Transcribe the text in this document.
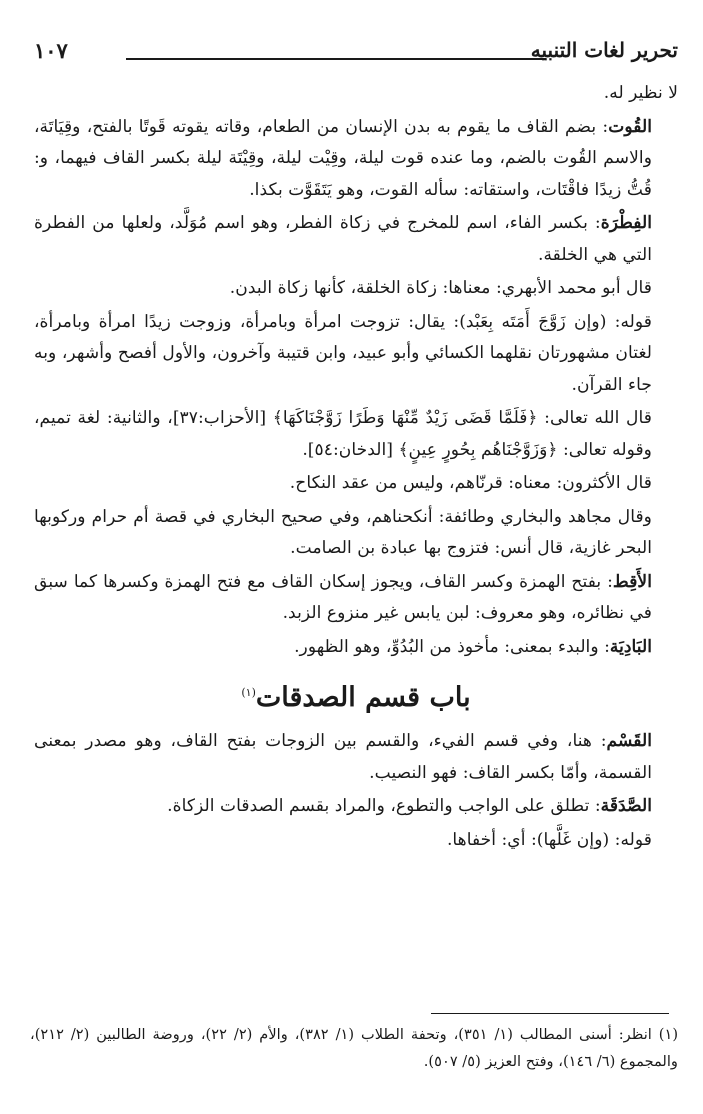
تحرير لغات التنبيه
١٠٧

لا نظير له.

القُوت: بضم القاف ما يقوم به بدن الإنسان من الطعام، وقاته يقوته قَوتًا بالفتح، وقِيَاتَة، والاسم القُوت بالضم، وما عنده قوت ليلة، وقِيْت ليلة، وقِيْتَة ليلة بكسر القاف فيهما، و: قُتُّ زيدًا فاقْتَات، واستقاته: سأله القوت، وهو يَتَقَوَّت بكذا.

الفِطْرَة: بكسر الفاء، اسم للمخرج في زكاة الفطر، وهو اسم مُوَلَّد، ولعلها من الفطرة التي هي الخلقة.

قال أبو محمد الأبهري: معناها: زكاة الخلقة، كأنها زكاة البدن.

قوله: (وإن زَوَّجَ أَمَتَه بِعَبْد): يقال: تزوجت امرأة وبامرأة، وزوجت زيدًا امرأة وبامرأة، لغتان مشهورتان نقلهما الكسائي وأبو عبيد، وابن قتيبة وآخرون، والأول أفصح وأشهر، وبه جاء القرآن.

قال الله تعالى: ﴿فَلَمَّا قَضَى زَيْدٌ مِّنْهَا وَطَرًا زَوَّجْنَاكَهَا﴾ [الأحزاب:٣٧]، والثانية: لغة تميم، وقوله تعالى: ﴿وَزَوَّجْنَاهُم بِحُورٍ عِينٍ﴾ [الدخان:٥٤].

قال الأكثرون: معناه: قرنّاهم، وليس من عقد النكاح.

وقال مجاهد والبخاري وطائفة: أنكحناهم، وفي صحيح البخاري في قصة أم حرام وركوبها البحر غازية، قال أنس: فتزوج بها عبادة بن الصامت.

الأَقِط: بفتح الهمزة وكسر القاف، ويجوز إسكان القاف مع فتح الهمزة وكسرها كما سبق في نظائره، وهو معروف: لبن يابس غير منزوع الزبد.

البَادِيَة: والبدء بمعنى: مأخوذ من البُدُوِّ، وهو الظهور.

باب قسم الصدقات$^{(١)}$

القَسْم: هنا، وفي قسم الفيء، والقسم بين الزوجات بفتح القاف، وهو مصدر بمعنى القسمة، وأمّا بكسر القاف: فهو النصيب.

الصَّدَقَة: تطلق على الواجب والتطوع، والمراد بقسم الصدقات الزكاة.

قوله: (وإن غَلَّها): أي: أخفاها.

(١) انظر: أسنى المطالب (١/ ٣٥١)، وتحفة الطلاب (١/ ٣٨٢)، والأم (٢/ ٢٢)، وروضة الطالبين (٢/ ٢١٢)، والمجموع (٦/ ١٤٦)، وفتح العزيز (٥/ ٥٠٧).
